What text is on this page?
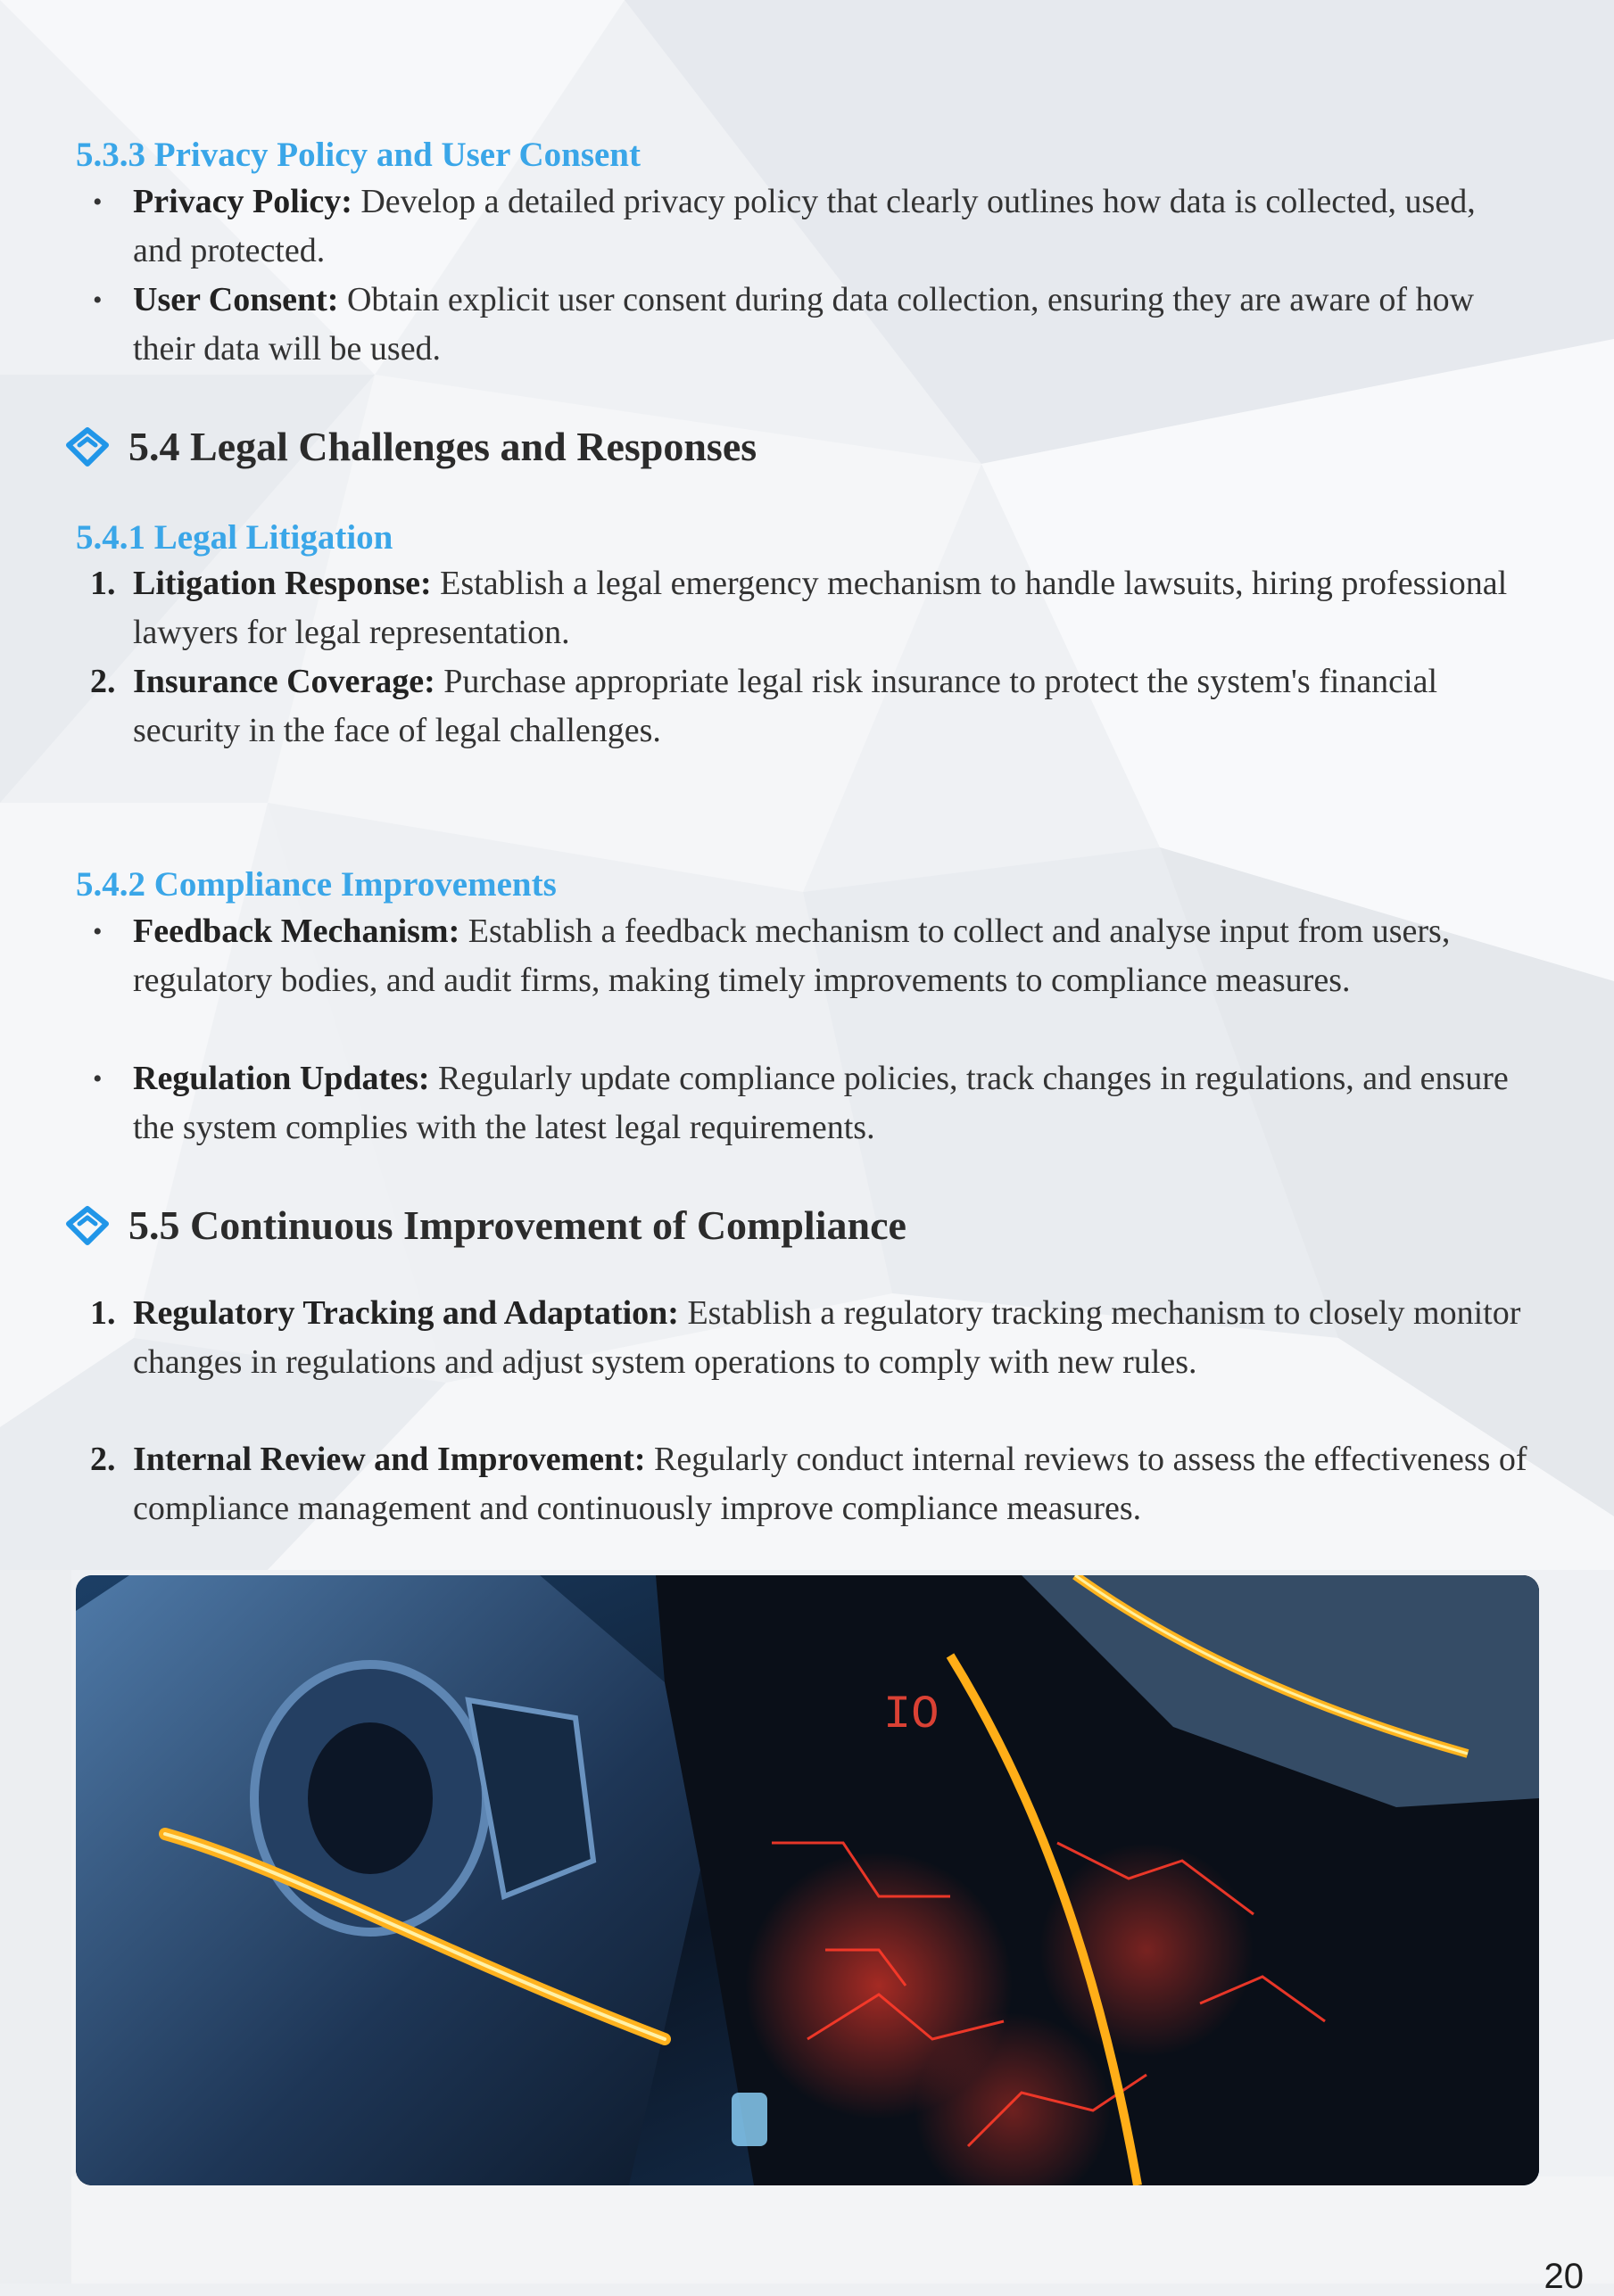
5.3.3 Privacy Policy and User Consent
• Privacy Policy: Develop a detailed privacy policy that clearly outlines how data is collected, used, and protected.
• User Consent: Obtain explicit user consent during data collection, ensuring they are aware of how their data will be used.
5.4 Legal Challenges and Responses
5.4.1 Legal Litigation
1. Litigation Response: Establish a legal emergency mechanism to handle lawsuits, hiring professional lawyers for legal representation.
2. Insurance Coverage: Purchase appropriate legal risk insurance to protect the system's financial security in the face of legal challenges.
5.4.2 Compliance Improvements
• Feedback Mechanism: Establish a feedback mechanism to collect and analyse input from users, regulatory bodies, and audit firms, making timely improvements to compliance measures.
• Regulation Updates: Regularly update compliance policies, track changes in regulations, and ensure the system complies with the latest legal requirements.
5.5 Continuous Improvement of Compliance
1. Regulatory Tracking and Adaptation: Establish a regulatory tracking mechanism to closely monitor changes in regulations and adjust system operations to comply with new rules.
2. Internal Review and Improvement: Regularly conduct internal reviews to assess the effectiveness of compliance management and continuously improve compliance measures.
IO
20
